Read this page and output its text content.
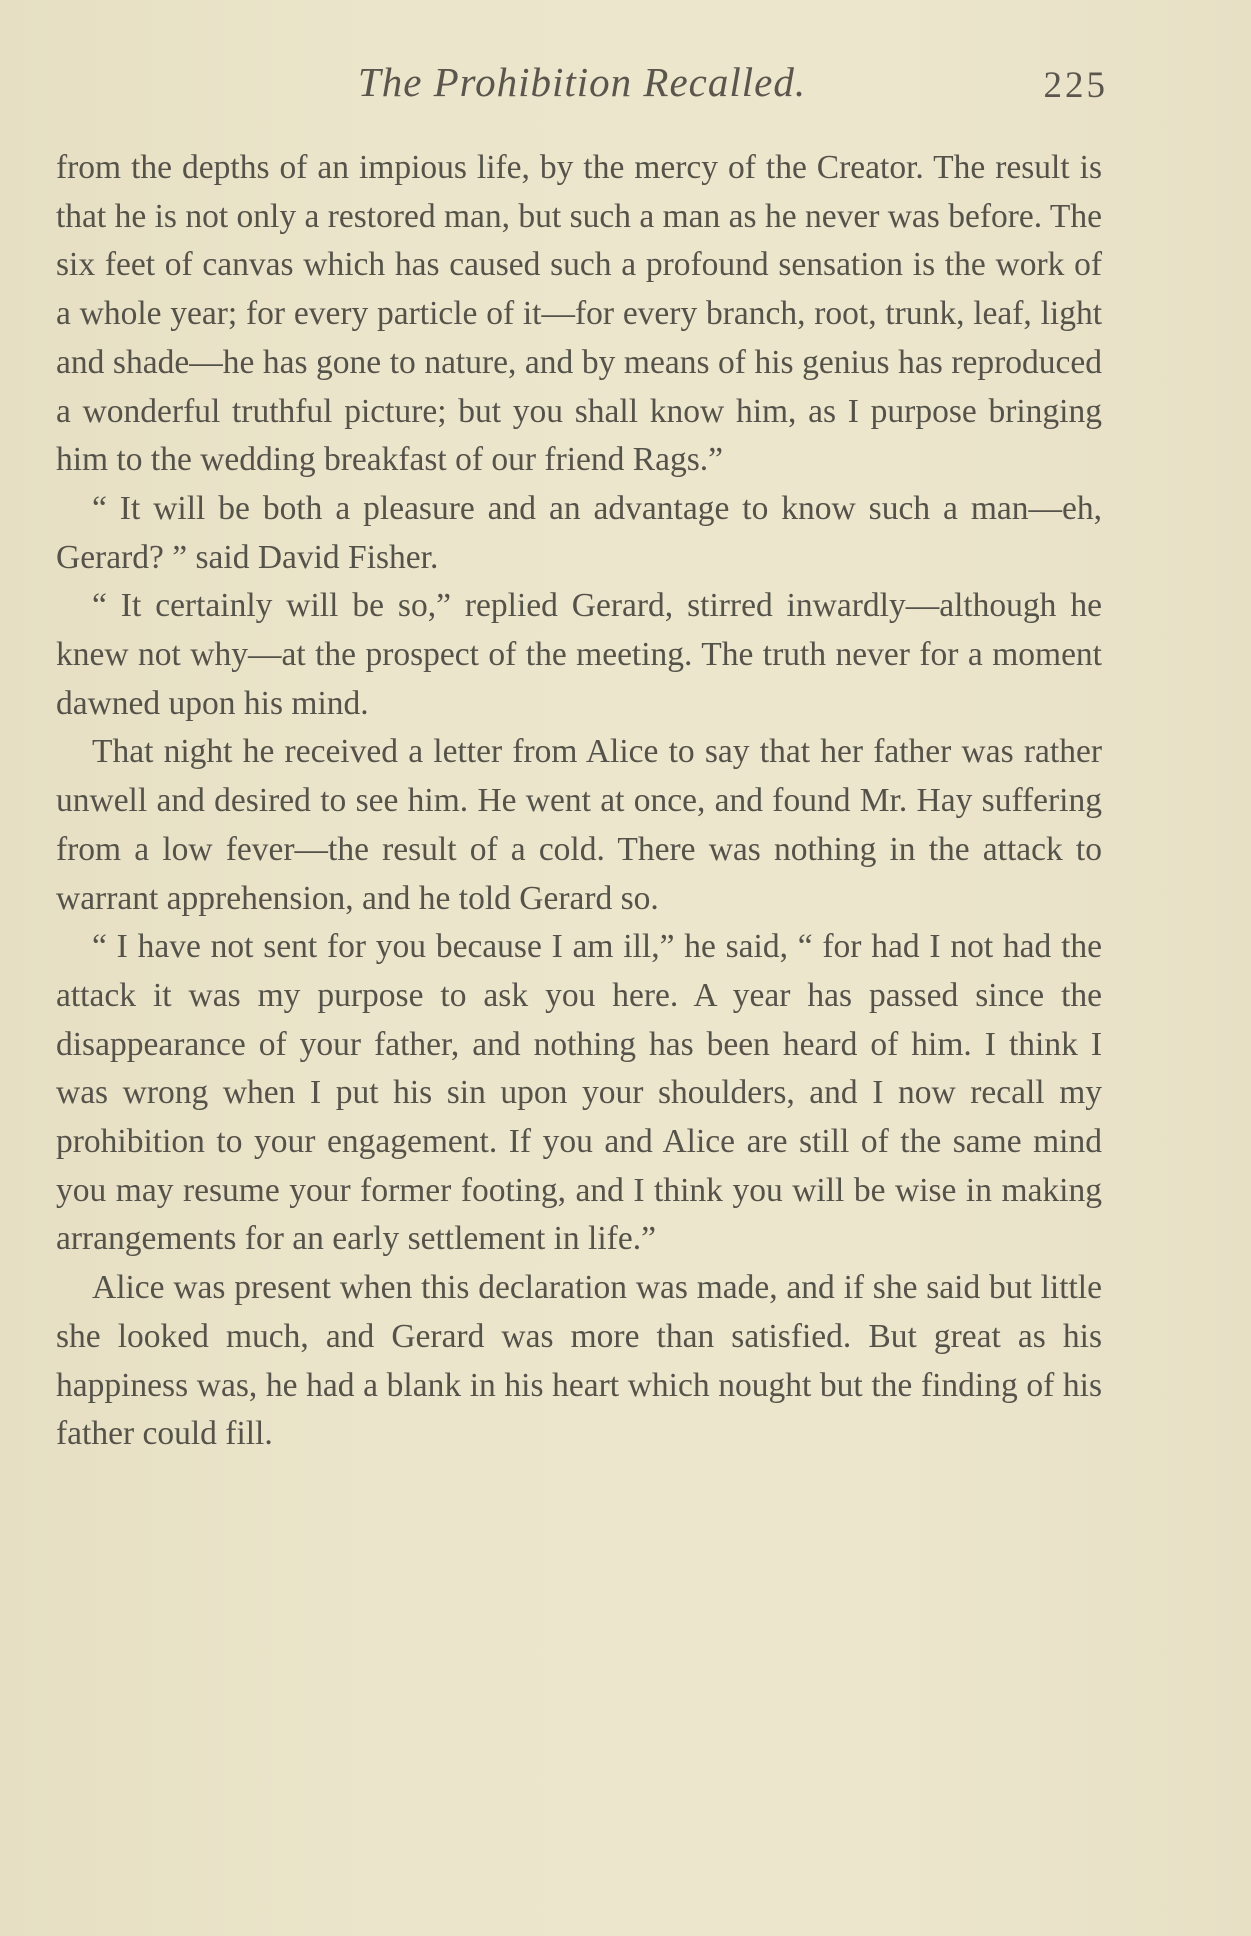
The Prohibition Recalled.	225

from the depths of an impious life, by the mercy of the Creator. The result is that he is not only a restored man, but such a man as he never was before. The six feet of canvas which has caused such a profound sensation is the work of a whole year; for every particle of it—for every branch, root, trunk, leaf, light and shade—he has gone to nature, and by means of his genius has reproduced a wonderful truthful picture; but you shall know him, as I purpose bringing him to the wedding breakfast of our friend Rags.”

“ It will be both a pleasure and an advantage to know such a man—eh, Gerard? ” said David Fisher.

“ It certainly will be so,” replied Gerard, stirred inwardly—although he knew not why—at the prospect of the meeting. The truth never for a moment dawned upon his mind.

That night he received a letter from Alice to say that her father was rather unwell and desired to see him. He went at once, and found Mr. Hay suffering from a low fever—the result of a cold. There was nothing in the attack to warrant apprehension, and he told Gerard so.

“ I have not sent for you because I am ill,” he said, “ for had I not had the attack it was my purpose to ask you here. A year has passed since the disappearance of your father, and nothing has been heard of him. I think I was wrong when I put his sin upon your shoulders, and I now recall my prohibition to your engagement. If you and Alice are still of the same mind you may resume your former footing, and I think you will be wise in making arrangements for an early settlement in life.”

Alice was present when this declaration was made, and if she said but little she looked much, and Gerard was more than satisfied. But great as his happiness was, he had a blank in his heart which nought but the finding of his father could fill.
